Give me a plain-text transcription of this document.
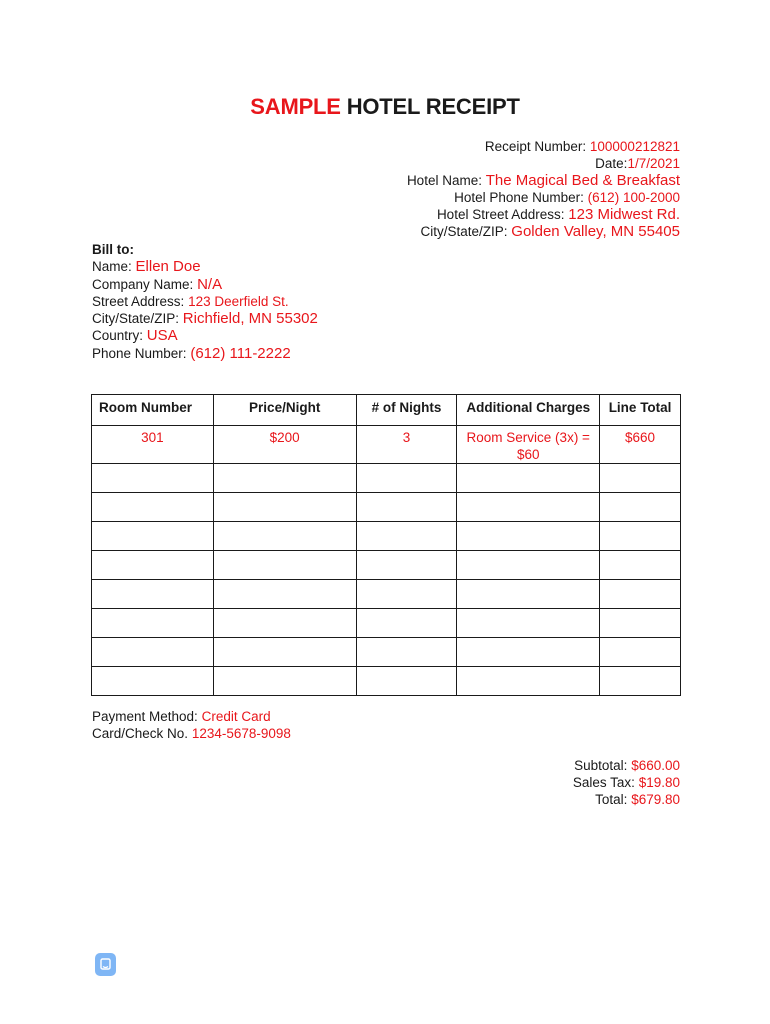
SAMPLE HOTEL RECEIPT
Receipt Number: 100000212821
Date:1/7/2021
Hotel Name: The Magical Bed & Breakfast
Hotel Phone Number: (612) 100-2000
Hotel Street Address: 123 Midwest Rd.
City/State/ZIP: Golden Valley, MN 55405
Bill to:
Name: Ellen Doe
Company Name: N/A
Street Address: 123 Deerfield St.
City/State/ZIP: Richfield, MN 55302
Country: USA
Phone Number: (612) 111-2222
Room Number	Price/Night	# of Nights	Additional Charges	Line Total
301	$200	3	Room Service (3x) = $60	$660

Payment Method: Credit Card
Card/Check No. 1234-5678-9098
Subtotal: $660.00
Sales Tax: $19.80
Total: $679.80
